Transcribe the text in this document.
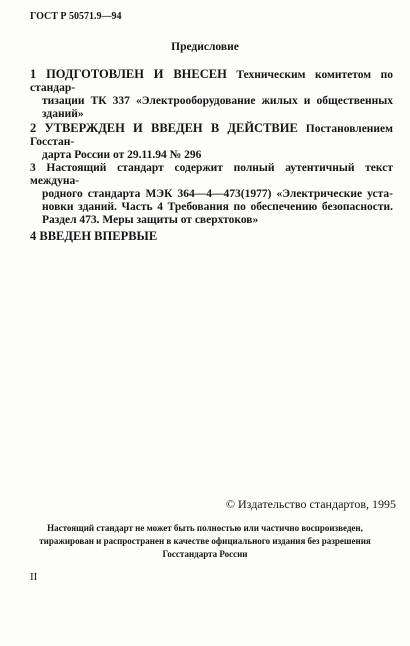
ГОСТ Р 50571.9—94
Предисловие
1 ПОДГОТОВЛЕН И ВНЕСЕН Техническим комитетом по стандар-
тизации ТК 337 «Электрооборудование жилых и общественных
зданий»
2 УТВЕРЖДЕН И ВВЕДЕН В ДЕЙСТВИЕ Постановлением Госстан-
дарта России от 29.11.94 № 296
3 Настоящий стандарт содержит полный аутентичный текст междуна-
родного стандарта МЭК 364—4—473(1977) «Электрические уста-
новки зданий. Часть 4 Требования по обеспечению безопасности.
Раздел 473. Меры защиты от сверхтоков»
4 ВВЕДЕН ВПЕРВЫЕ
© Издательство стандартов, 1995
Настоящий стандарт не может быть полностью или частично воспроизведен,
тиражирован и распространен в качестве официального издания без разрешения
Госстандарта России
II
